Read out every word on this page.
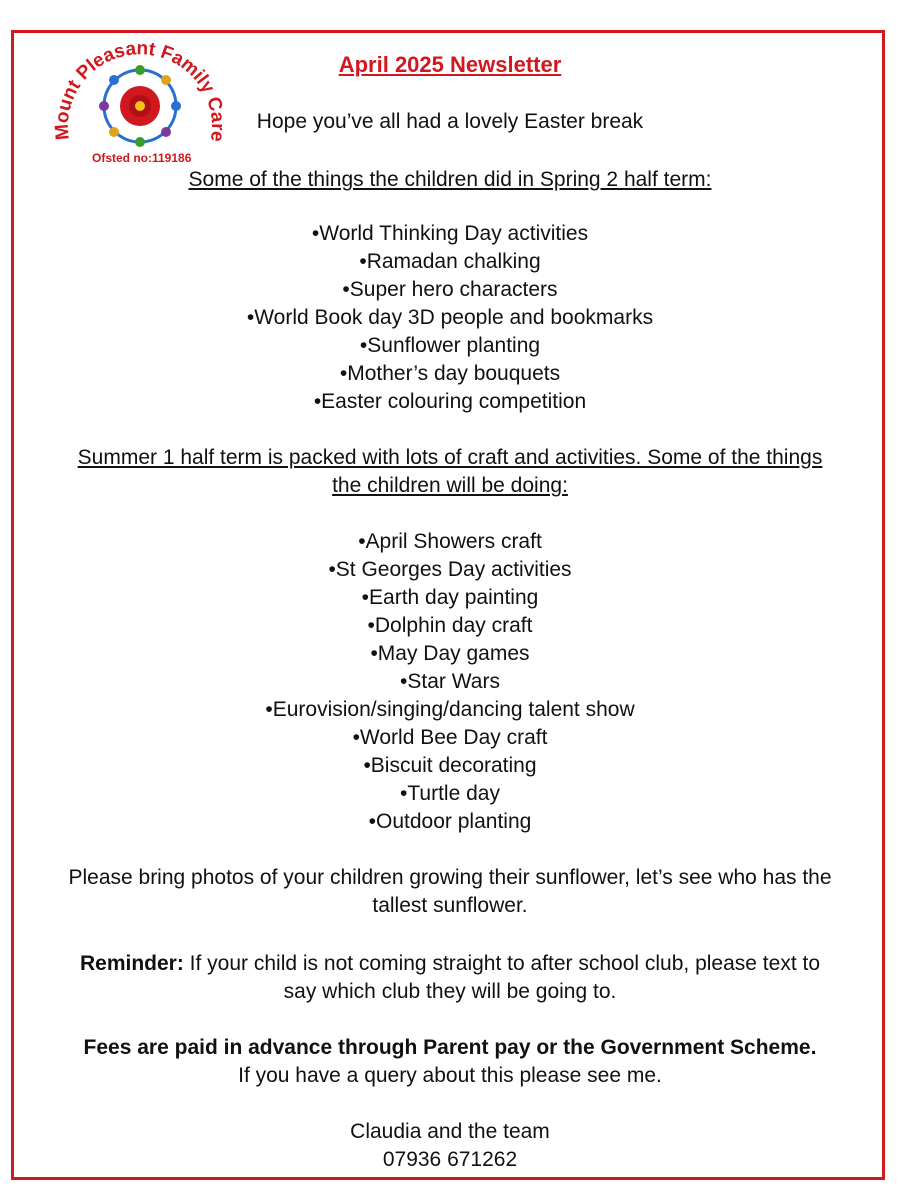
Mount Pleasant Family Care
Ofsted no:119186
April 2025 Newsletter
Hope you’ve all had a lovely Easter break
Some of the things the children did in Spring 2 half term:
•World Thinking Day activities
•Ramadan chalking
•Super hero characters
•World Book day 3D people and bookmarks
•Sunflower planting
•Mother’s day bouquets
•Easter colouring competition
Summer 1 half term is packed with lots of craft and activities. Some of the things
the children will be doing:
•April Showers craft
•St Georges Day activities
•Earth day painting
•Dolphin day craft
•May Day games
•Star Wars
•Eurovision/singing/dancing talent show
•World Bee Day craft
•Biscuit decorating
•Turtle day
•Outdoor planting
Please bring photos of your children growing their sunflower, let’s see who has the
tallest sunflower.
Reminder: If your child is not coming straight to after school club, please text to
say which club they will be going to.
Fees are paid in advance through Parent pay or the Government Scheme.
If you have a query about this please see me.
Claudia and the team
07936 671262
